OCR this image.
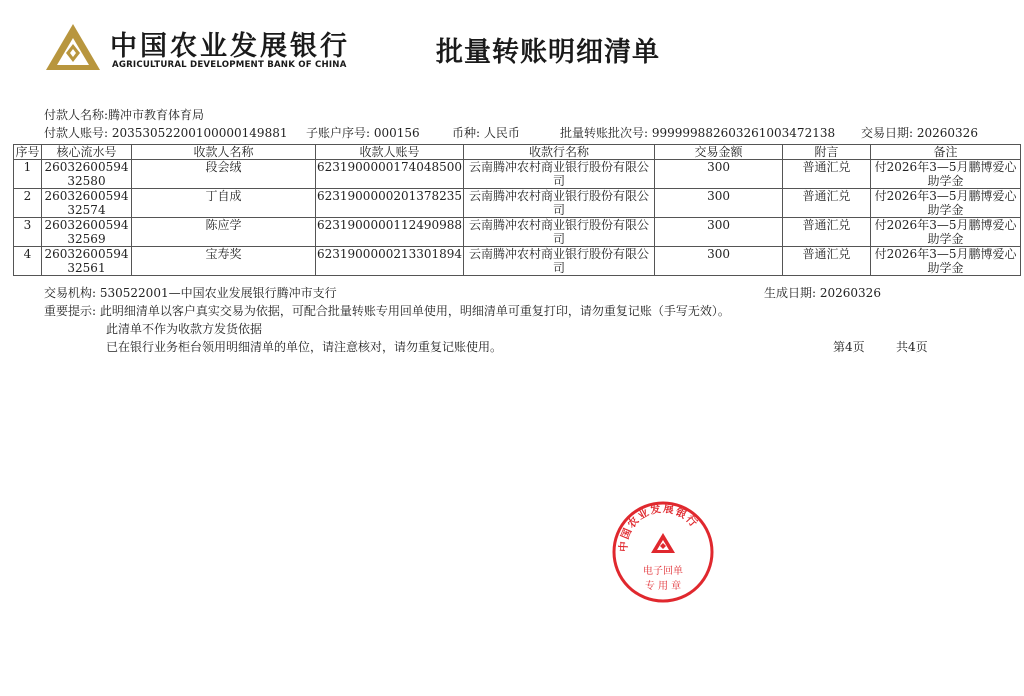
中国农业发展银行
AGRICULTURAL DEVELOPMENT BANK OF CHINA	批量转账明细清单
付款人名称:腾冲市教育体育局
付款人账号: 20353052200100000149881 子账户序号: 000156	币种: 人民币	批量转账批次号: 9999998826032610034721​38 交易日期: 20260326
序号	核心流水号	收款人名称	收款人账号	收款行名称	交易金额	附言	备注
1	2603260059432580	段会绒	6231900000174048500	云南腾冲农村商业银行股份有限公司	300	普通汇兑	付2026年3—5月鹏博爱心助学金
2	2603260059432574	丁自成	6231900000201378235	云南腾冲农村商业银行股份有限公司	300	普通汇兑	付2026年3—5月鹏博爱心助学金
3	2603260059432569	陈应学	6231900000112490988	云南腾冲农村商业银行股份有限公司	300	普通汇兑	付2026年3—5月鹏博爱心助学金
4	2603260059432561	宝寿奖	6231900000213301894	云南腾冲农村商业银行股份有限公司	300	普通汇兑	付2026年3—5月鹏博爱心助学金
交易机构: 530522001—中国农业发展银行腾冲市支行	生成日期: 20260326
重要提示: 此明细清单以客户真实交易为依据，可配合批量转账专用回单使用，明细清单可重复打印，请勿重复记账（手写无效）。
此清单不作为收款方发货依据
已在银行业务柜台领用明细清单的单位，请注意核对，请勿重复记账使用。	第4页	共4页
中国农业发展银行
电子回单
专 用 章
